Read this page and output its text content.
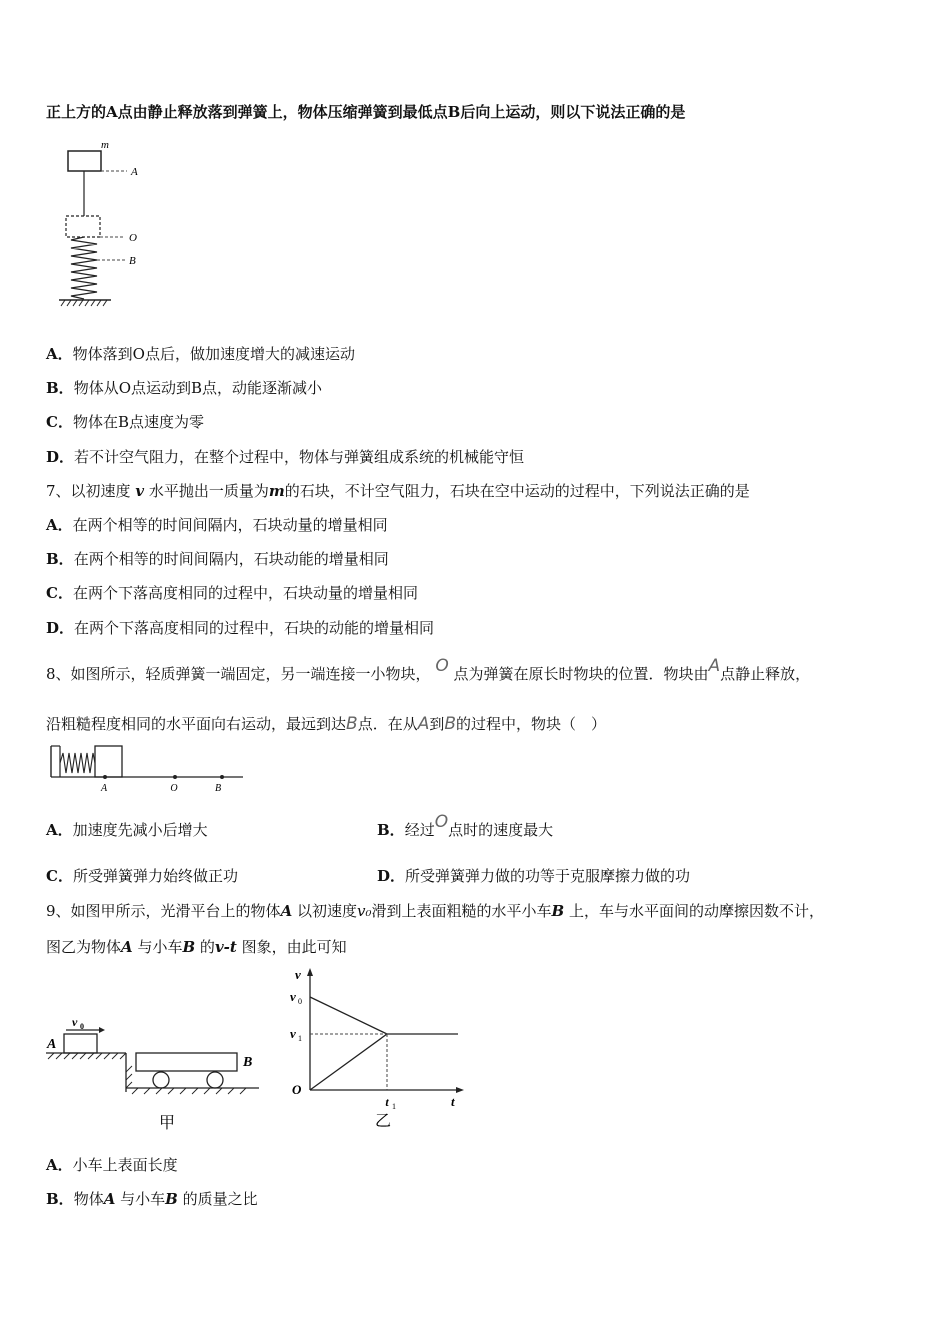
正上方的A点由静止释放落到弹簧上，物体压缩弹簧到最低点B后向上运动，则以下说法正确的是
m
A
O
B
A．物体落到O点后，做加速度增大的减速运动
B．物体从O点运动到B点，动能逐渐减小
C．物体在B点速度为零
D．若不计空气阻力，在整个过程中，物体与弹簧组成系统的机械能守恒
7、以初速度 v 水平抛出一质量为m的石块，不计空气阻力，石块在空中运动的过程中，下列说法正确的是
A．在两个相等的时间间隔内，石块动量的增量相同
B．在两个相等的时间间隔内，石块动能的增量相同
C．在两个下落高度相同的过程中，石块动量的增量相同
D．在两个下落高度相同的过程中，石块的动能的增量相同
8、如图所示，轻质弹簧一端固定，另一端连接一小物块， O 点为弹簧在原长时物块的位置．物块由A点静止释放，
沿粗糙程度相同的水平面向右运动，最远到达B点．在从A到B的过程中，物块（　）
A	O	B
A．加速度先减小后增大	B．经过O点时的速度最大
C．所受弹簧弹力始终做正功	D．所受弹簧弹力做的功等于克服摩擦力做的功
9、如图甲所示，光滑平台上的物体A 以初速度v₀滑到上表面粗糙的水平小车B 上，车与水平面间的动摩擦因数不计，
图乙为物体A 与小车B 的v-t 图象，由此可知
v 0
A
B
甲
v
v 0
v 1
O
t 1	t
乙
A．小车上表面长度
B．物体A 与小车B 的质量之比
